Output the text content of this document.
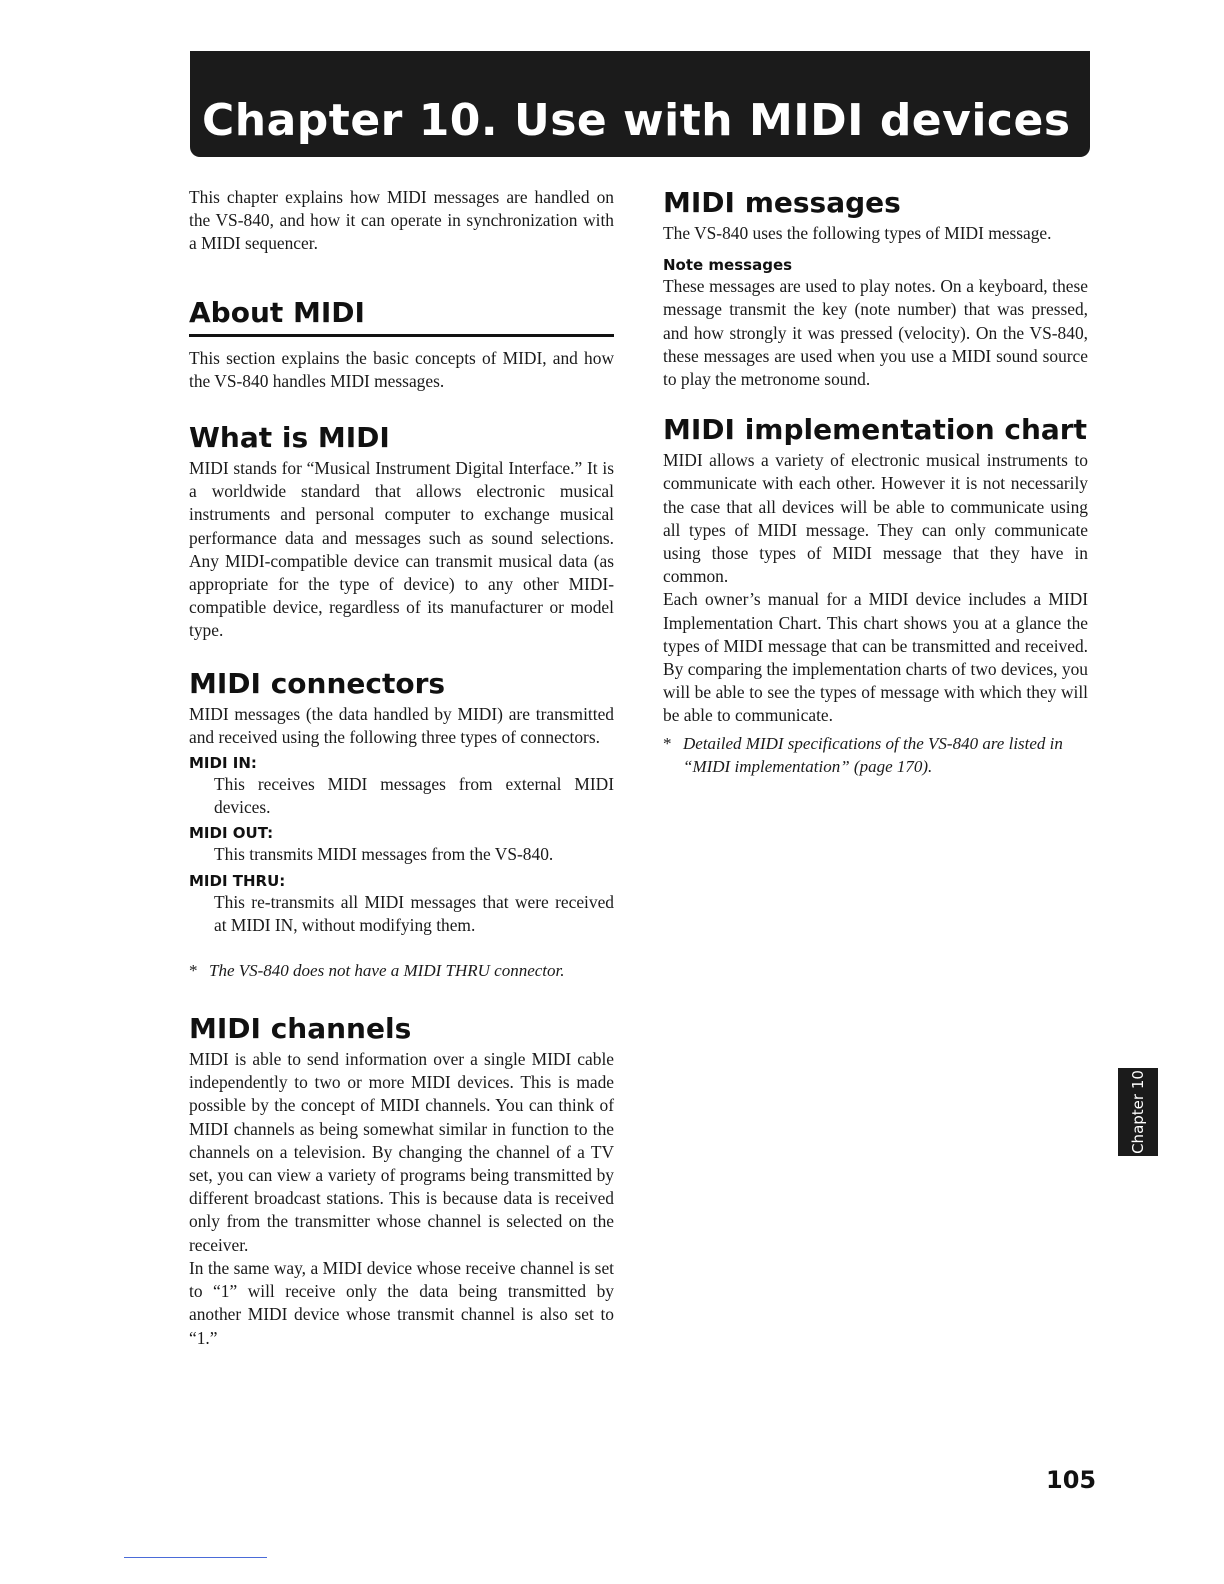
Chapter 10. Use with MIDI devices

This chapter explains how MIDI messages are handled on the VS-840, and how it can operate in synchronization with a MIDI sequencer.

About MIDI

This section explains the basic concepts of MIDI, and how the VS-840 handles MIDI messages.

What is MIDI

MIDI stands for “Musical Instrument Digital Interface.” It is a worldwide standard that allows electronic musical instruments and personal computer to exchange musical performance data and messages such as sound selections. Any MIDI-compatible device can transmit musical data (as appropriate for the type of device) to any other MIDI-compatible device, regardless of its manufacturer or model type.

MIDI connectors

MIDI messages (the data handled by MIDI) are transmitted and received using the following three types of connectors.

MIDI IN:

This receives MIDI messages from external MIDI devices.

MIDI OUT:

This transmits MIDI messages from the VS-840.

MIDI THRU:

This re-transmits all MIDI messages that were received at MIDI IN, without modifying them.

* The VS-840 does not have a MIDI THRU connector.

MIDI channels

MIDI is able to send information over a single MIDI cable independently to two or more MIDI devices. This is made possible by the concept of MIDI channels. You can think of MIDI channels as being somewhat similar in function to the channels on a television. By changing the channel of a TV set, you can view a variety of programs being transmitted by different broadcast stations. This is because data is received only from the transmitter whose channel is selected on the receiver.

In the same way, a MIDI device whose receive channel is set to “1” will receive only the data being transmitted by another MIDI device whose transmit channel is also set to “1.”

MIDI messages

The VS-840 uses the following types of MIDI message.

Note messages

These messages are used to play notes. On a keyboard, these message transmit the key (note number) that was pressed, and how strongly it was pressed (velocity). On the VS-840, these messages are used when you use a MIDI sound source to play the metronome sound.

MIDI implementation chart

MIDI allows a variety of electronic musical instruments to communicate with each other. However it is not necessarily the case that all devices will be able to communicate using all types of MIDI message. They can only communicate using those types of MIDI message that they have in common.

Each owner’s manual for a MIDI device includes a MIDI Implementation Chart. This chart shows you at a glance the types of MIDI message that can be transmitted and received. By comparing the implementation charts of two devices, you will be able to see the types of message with which they will be able to communicate.

* Detailed MIDI specifications of the VS-840 are listed in “MIDI implementation” (page 170).

Chapter 10
105
